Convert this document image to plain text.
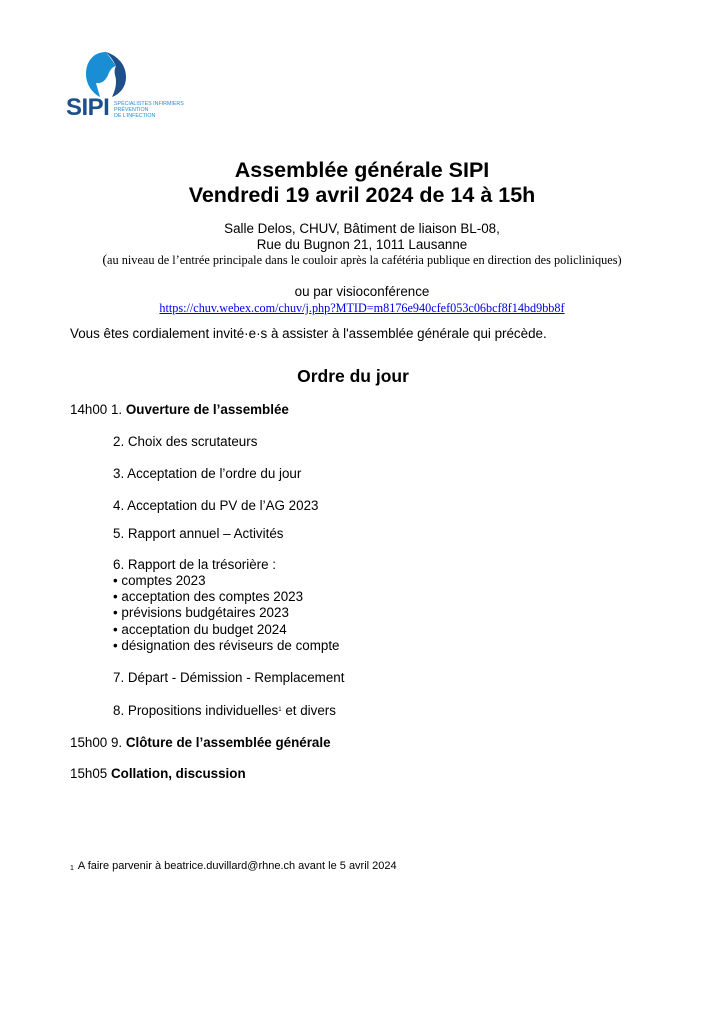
SIPI SPÉCIALISTES INFIRMIERS
PRÉVENTION
DE L'INFECTION
Assemblée générale SIPI
Vendredi 19 avril 2024 de 14 à 15h
Salle Delos, CHUV, Bâtiment de liaison BL-08,
Rue du Bugnon 21, 1011 Lausanne
(au niveau de l’entrée principale dans le couloir après la cafétéria publique en direction des policliniques)
ou par visioconférence
https://chuv.webex.com/chuv/j.php?MTID=m8176e940cfef053c06bcf8f14bd9bb8f
Vous êtes cordialement invité·e·s à assister à l'assemblée générale qui précède.
Ordre du jour
14h00 1. Ouverture de l’assemblée
2. Choix des scrutateurs
3. Acceptation de l’ordre du jour
4. Acceptation du PV de l’AG 2023
5. Rapport annuel – Activités
6. Rapport de la trésorière :
• comptes 2023
• acceptation des comptes 2023
• prévisions budgétaires 2023
• acceptation du budget 2024
• désignation des réviseurs de compte
7. Départ - Démission - Remplacement
8. Propositions individuelles$^1$ et divers
15h00 9. Clôture de l’assemblée générale
15h05 Collation, discussion
1 A faire parvenir à beatrice.duvillard@rhne.ch avant le 5 avril 2024
